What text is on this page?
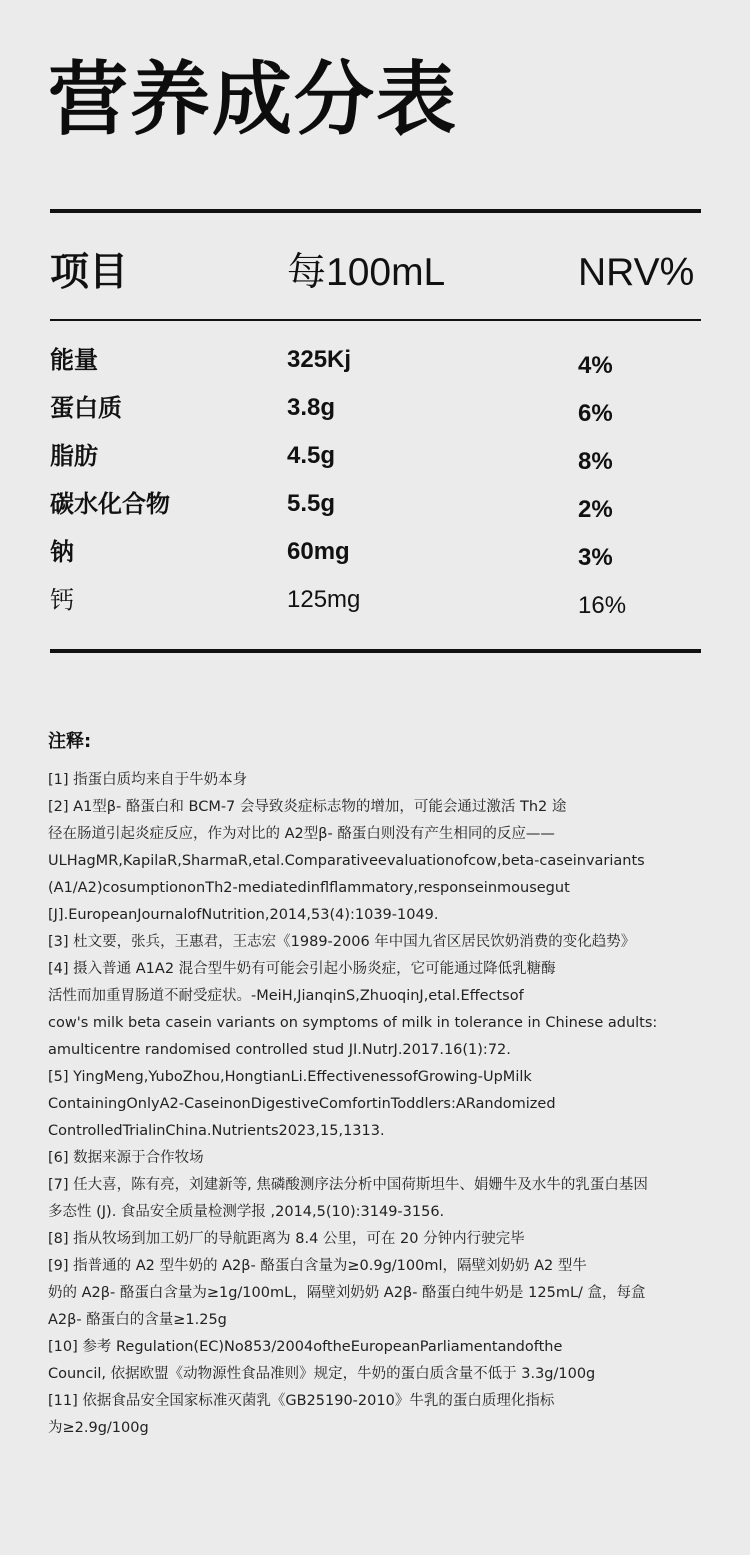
营养成分表
项目	每100mL	NRV%
能量	325Kj	4%
蛋白质	3.8g	6%
脂肪	4.5g	8%
碳水化合物	5.5g	2%
钠	60mg	3%
钙	125mg	16%
注释:
[1] 指蛋白质均来自于牛奶本身
[2] A1型β- 酪蛋白和 BCM-7 会导致炎症标志物的增加，可能会通过激活 Th2 途
径在肠道引起炎症反应，作为对比的 A2型β- 酪蛋白则没有产生相同的反应——
ULHagMR,KapilaR,SharmaR,etal.Comparativeevaluationofcow,beta-caseinvariants
(A1/A2)cosumptiononTh2-mediatedinflflammatory,responseinmousegut
[J].EuropeanJournalofNutrition,2014,53(4):1039-1049.
[3] 杜文要，张兵，王惠君，王志宏《1989-2006 年中国九省区居民饮奶消费的变化趋势》
[4] 摄入普通 A1A2 混合型牛奶有可能会引起小肠炎症，它可能通过降低乳糖酶
活性而加重胃肠道不耐受症状。-MeiH,JianqinS,ZhuoqinJ,etal.Effectsof
cow's milk beta casein variants on symptoms of milk in tolerance in Chinese adults:
amulticentre randomised controlled stud JI.NutrJ.2017.16(1):72.
[5] YingMeng,YuboZhou,HongtianLi.EffectivenessofGrowing-UpMilk
ContainingOnlyA2-CaseinonDigestiveComfortinToddlers:ARandomized
ControlledTrialinChina.Nutrients2023,15,1313.
[6] 数据来源于合作牧场
[7] 任大喜，陈有亮，刘建新等, 焦磷酸测序法分析中国荷斯坦牛、娟姗牛及水牛的乳蛋白基因
多态性 (J). 食品安全质量检测学报 ,2014,5(10):3149-3156.
[8] 指从牧场到加工奶厂的导航距离为 8.4 公里，可在 20 分钟内行驶完毕
[9] 指普通的 A2 型牛奶的 A2β- 酪蛋白含量为≥0.9g/100ml，隔壁刘奶奶 A2 型牛
奶的 A2β- 酪蛋白含量为≥1g/100mL，隔壁刘奶奶 A2β- 酪蛋白纯牛奶是 125mL/ 盒，每盒
A2β- 酪蛋白的含量≥1.25g
[10] 参考 Regulation(EC)No853/2004oftheEuropeanParliamentandofthe
Council, 依据欧盟《动物源性食品准则》规定，牛奶的蛋白质含量不低于 3.3g/100g
[11] 依据食品安全国家标准灭菌乳《GB25190-2010》牛乳的蛋白质理化指标
为≥2.9g/100g
